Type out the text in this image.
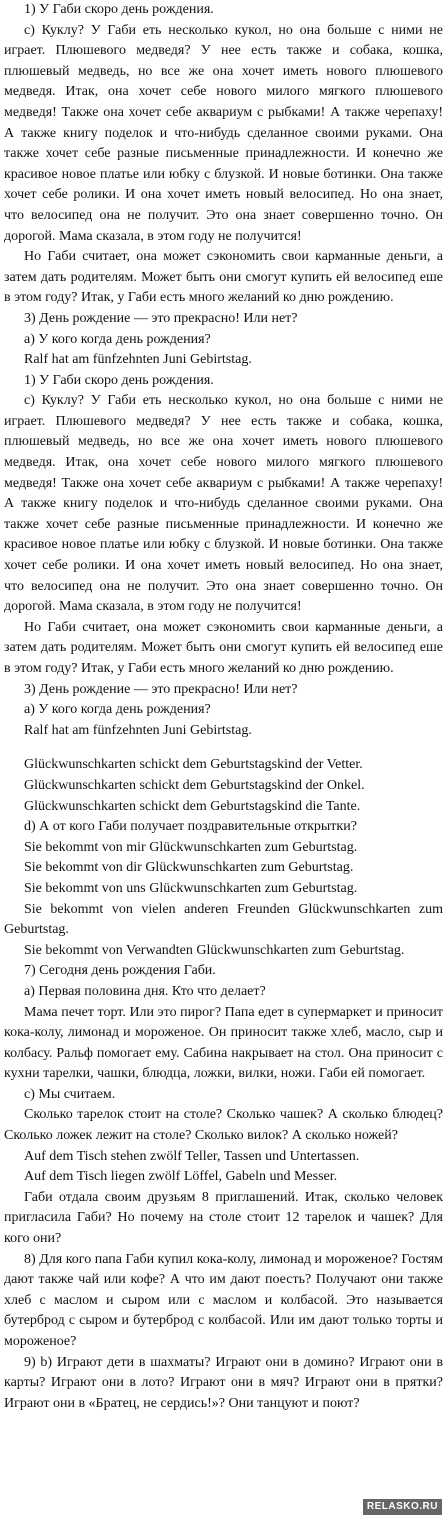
1) У Габи скоро день рождения.

с) Куклу? У Габи еть несколько кукол, но она больше с ними не играет. Плюшевого медведя? У нее есть также и собака, кошка, плюшевый медведь, но все же она хочет иметь нового плюшевого медведя. Итак, она хочет себе нового милого мягкого плюшевого медведя! Также она хочет себе аквариум с рыбками! А также черепаху! А также книгу поделок и что-нибудь сделанное своими руками. Она также хочет себе разные письменные принадлежности. И конечно же красивое новое платье или юбку с блузкой. И новые ботинки. Она также хочет себе ролики. И она хочет иметь новый велосипед. Но она знает, что велосипед она не получит. Это она знает совершенно точно. Он дорогой. Мама сказала, в этом году не получится!

Но Габи считает, она может сэкономить свои карманные деньги, а затем дать родителям. Может быть они смогут купить ей велосипед еше в этом году? Итак, у Габи есть много желаний ко дню рождению.

3) День рождение — это прекрасно! Или нет?

а) У кого когда день рождения?

Ralf hat am fünfzehnten Juni Gebirtstag.

1) У Габи скоро день рождения.

с) Куклу? У Габи еть несколько кукол, но она больше с ними не играет. Плюшевого медведя? У нее есть также и собака, кошка, плюшевый медведь, но все же она хочет иметь нового плюшевого медведя. Итак, она хочет себе нового милого мягкого плюшевого медведя! Также она хочет себе аквариум с рыбками! А также черепаху! А также книгу поделок и что-нибудь сделанное своими руками. Она также хочет себе разные письменные принадлежности. И конечно же красивое новое платье или юбку с блузкой. И новые ботинки. Она также хочет себе ролики. И она хочет иметь новый велосипед. Но она знает, что велосипед она не получит. Это она знает совершенно точно. Он дорогой. Мама сказала, в этом году не получится!

Но Габи считает, она может сэкономить свои карманные деньги, а затем дать родителям. Может быть они смогут купить ей велосипед еше в этом году? Итак, у Габи есть много желаний ко дню рождению.

3) День рождение — это прекрасно! Или нет?

а) У кого когда день рождения?

Ralf hat am fünfzehnten Juni Gebirtstag.

Glückwunschkarten schickt dem Geburtstagskind der Vetter.

Glückwunschkarten schickt dem Geburtstagskind der Onkel.

Glückwunschkarten schickt dem Geburtstagskind die Tante.

d) А от кого Габи получает поздравительные открытки?

Sie bekommt von mir Glückwunschkarten zum Geburtstag.

Sie bekommt von dir Glückwunschkarten zum Geburtstag.

Sie bekommt von uns Glückwunschkarten zum Geburtstag.

Sie bekommt von vielen anderen Freunden Glückwunschkarten zum Geburtstag.

Sie bekommt von Verwandten Glückwunschkarten zum Geburtstag.

7) Сегодня день рождения Габи.

а) Первая половина дня. Кто что делает?

Мама печет торт. Или это пирог? Папа едет в супермаркет и приносит кока-колу, лимонад и мороженое. Он приносит также хлеб, масло, сыр и колбасу. Ральф помогает ему. Сабина накрывает на стол. Она приносит с кухни тарелки, чашки, блюдца, ложки, вилки, ножи. Габи ей помогает.

с) Мы считаем.

Сколько тарелок стоит на столе? Сколько чашек? А сколько блюдец? Сколько ложек лежит на столе? Сколько вилок? А сколько ножей?

Auf dem Tisch stehen zwölf Teller, Tassen und Untertassen.

Auf dem Tisch liegen zwölf Löffel, Gabeln und Messer.

Габи отдала своим друзьям 8 приглашений. Итак, сколько человек пригласила Габи? Но почему на столе стоит 12 тарелок и чашек? Для кого они?

8) Для кого папа Габи купил кока-колу, лимонад и мороженое? Гостям дают также чай или кофе? А что им дают поесть? Получают они также хлеб с маслом и сыром или с маслом и колбасой. Это называется бутерброд с сыром и бутерброд с колбасой. Или им дают только торты и мороженое?

9) b) Играют дети в шахматы? Играют они в домино? Играют они в карты? Играют они в лото? Играют они в мяч? Играют они в прятки? Играют они в «Братец, не сердись!»? Они танцуют и поют?

RELASKO.RU
